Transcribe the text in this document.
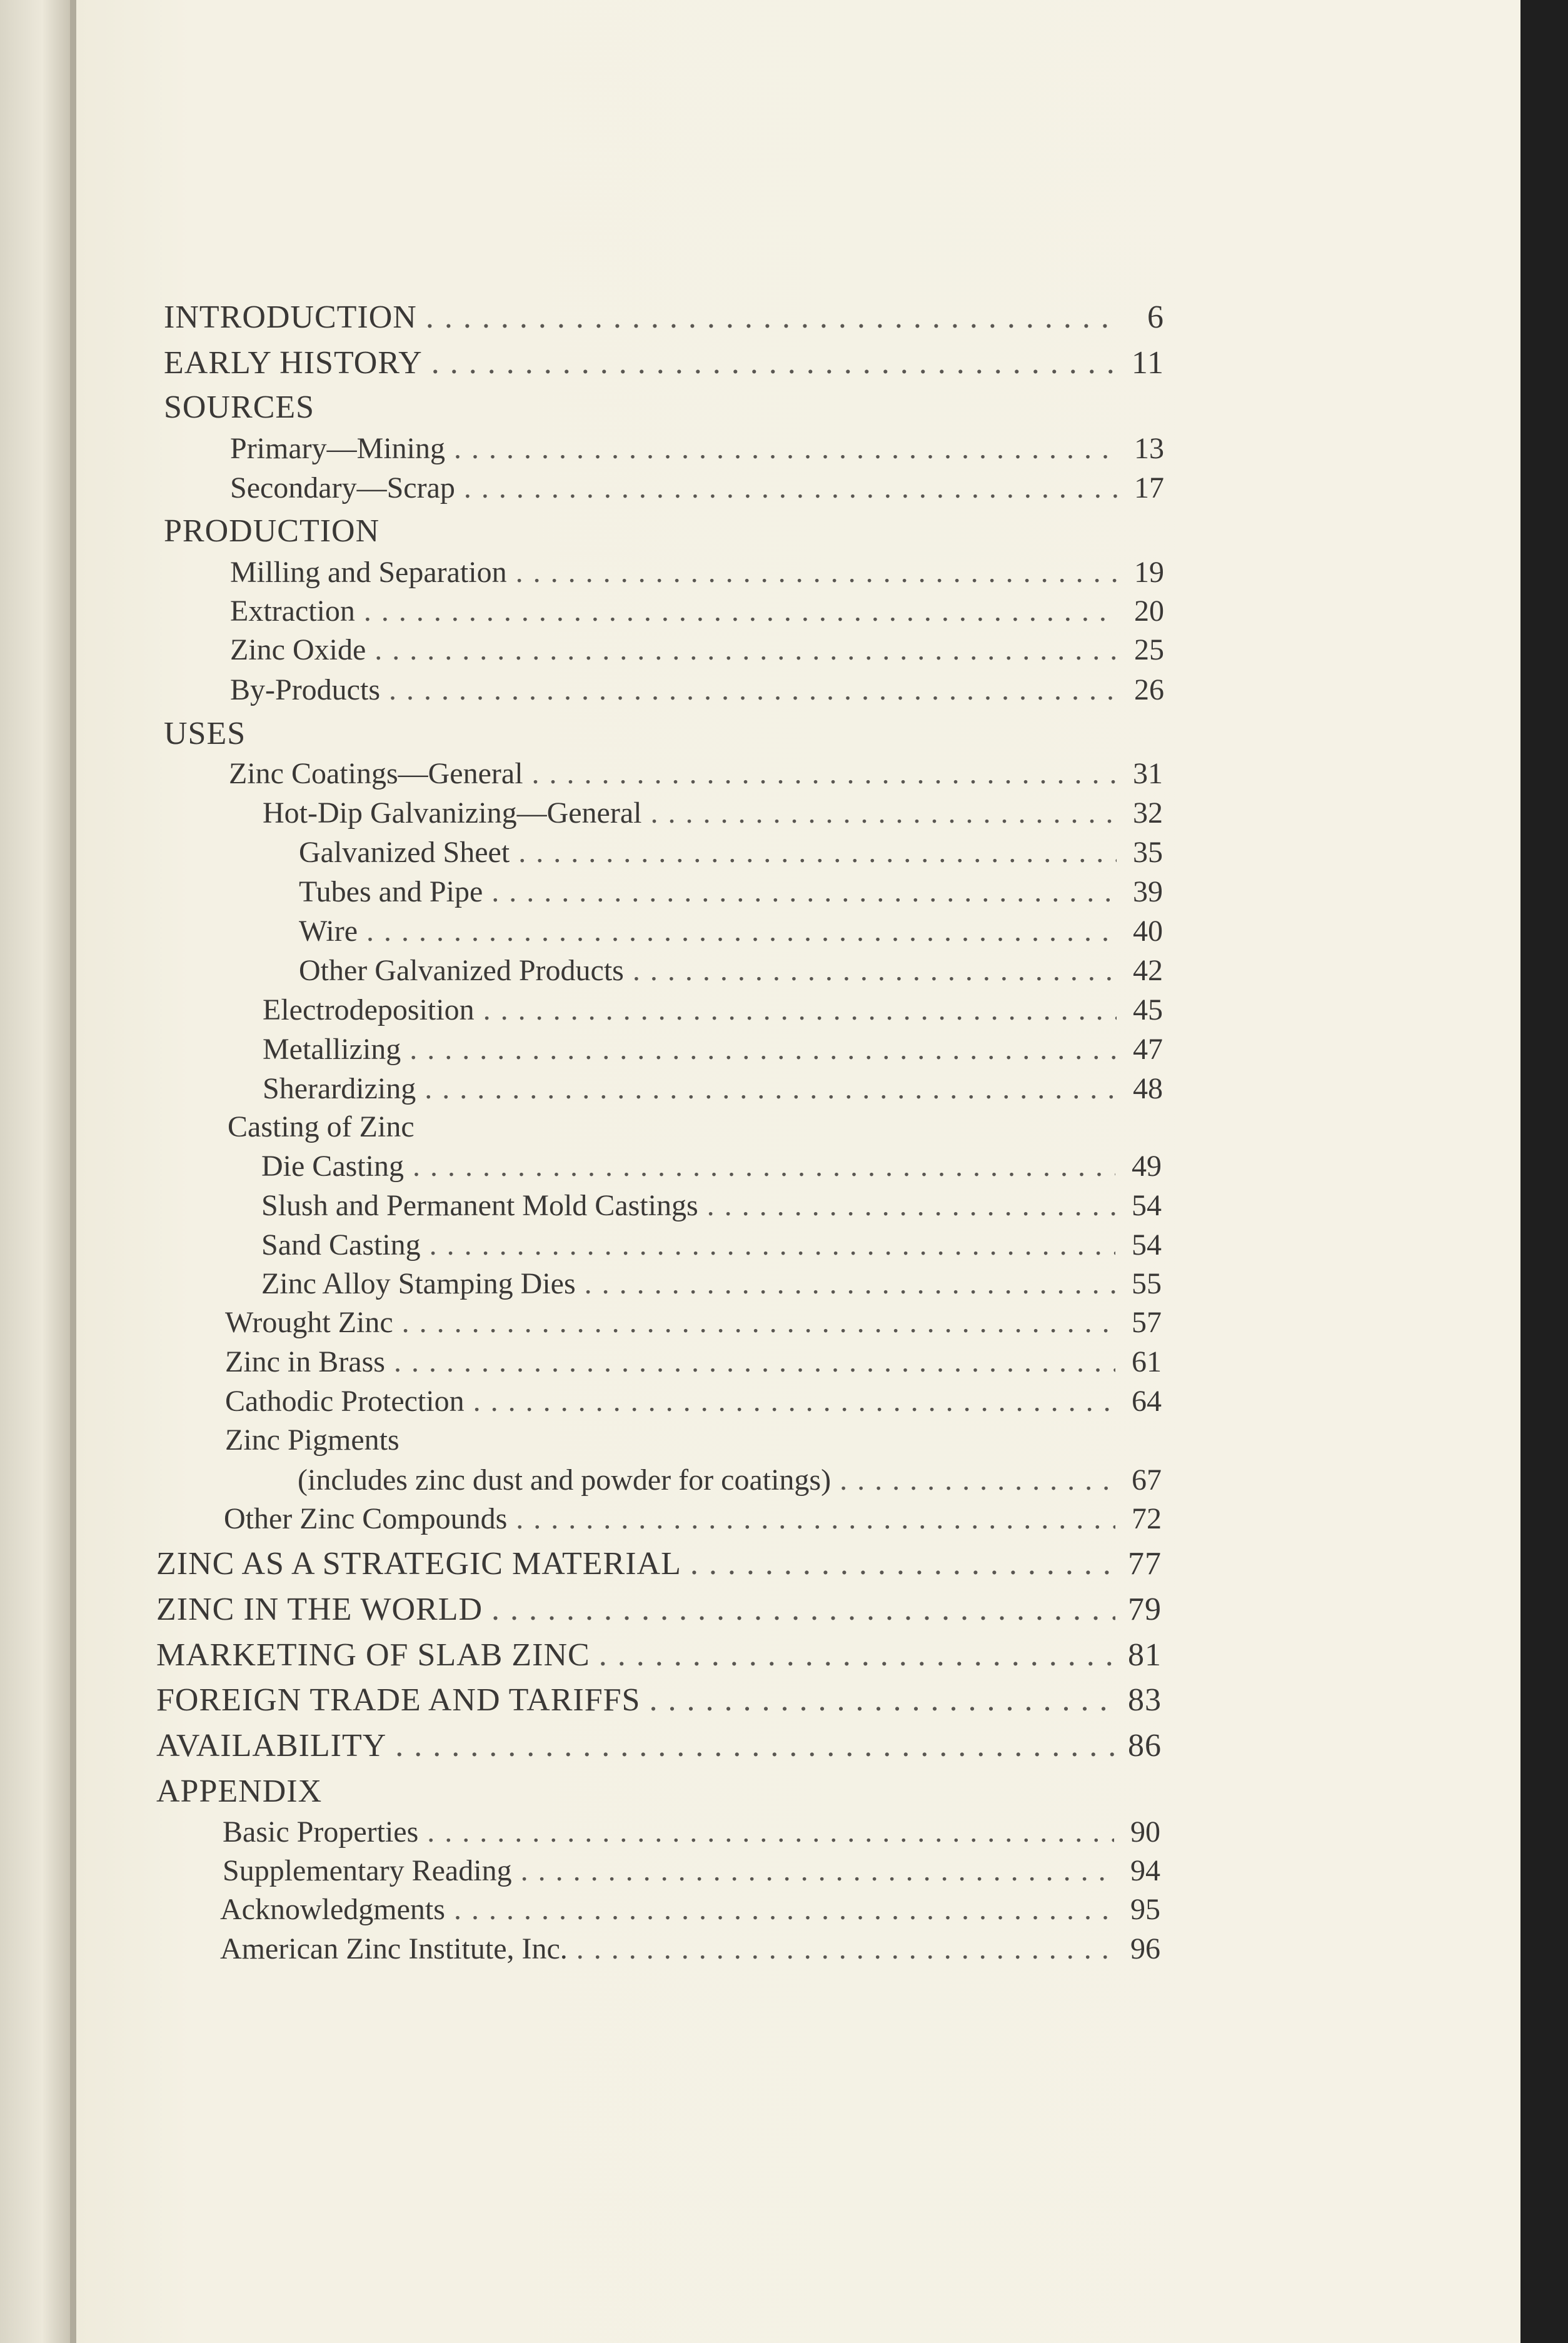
INTRODUCTION . . .	6
EARLY HISTORY . . .	11
SOURCES
Primary—Mining . . .	13
Secondary—Scrap . . .	17
PRODUCTION
Milling and Separation . . .	19
Extraction . . .	20
Zinc Oxide . . .	25
By-Products . . .	26
USES
Zinc Coatings—General . . .	31
Hot-Dip Galvanizing—General . . .	32
Galvanized Sheet . . .	35
Tubes and Pipe . . .	39
Wire . . .	40
Other Galvanized Products . . .	42
Electrodeposition . . .	45
Metallizing . . .	47
Sherardizing . . .	48
Casting of Zinc
Die Casting . . .	49
Slush and Permanent Mold Castings . . .	54
Sand Casting . . .	54
Zinc Alloy Stamping Dies . . .	55
Wrought Zinc . . .	57
Zinc in Brass . . .	61
Cathodic Protection . . .	64
Zinc Pigments
(includes zinc dust and powder for coatings) . . .	67
Other Zinc Compounds . . .	72
ZINC AS A STRATEGIC MATERIAL . . .	77
ZINC IN THE WORLD . . .	79
MARKETING OF SLAB ZINC . . .	81
FOREIGN TRADE AND TARIFFS . . .	83
AVAILABILITY . . .	86
APPENDIX
Basic Properties . . .	90
Supplementary Reading . . .	94
Acknowledgments . . .	95
American Zinc Institute, Inc. . . .	96
